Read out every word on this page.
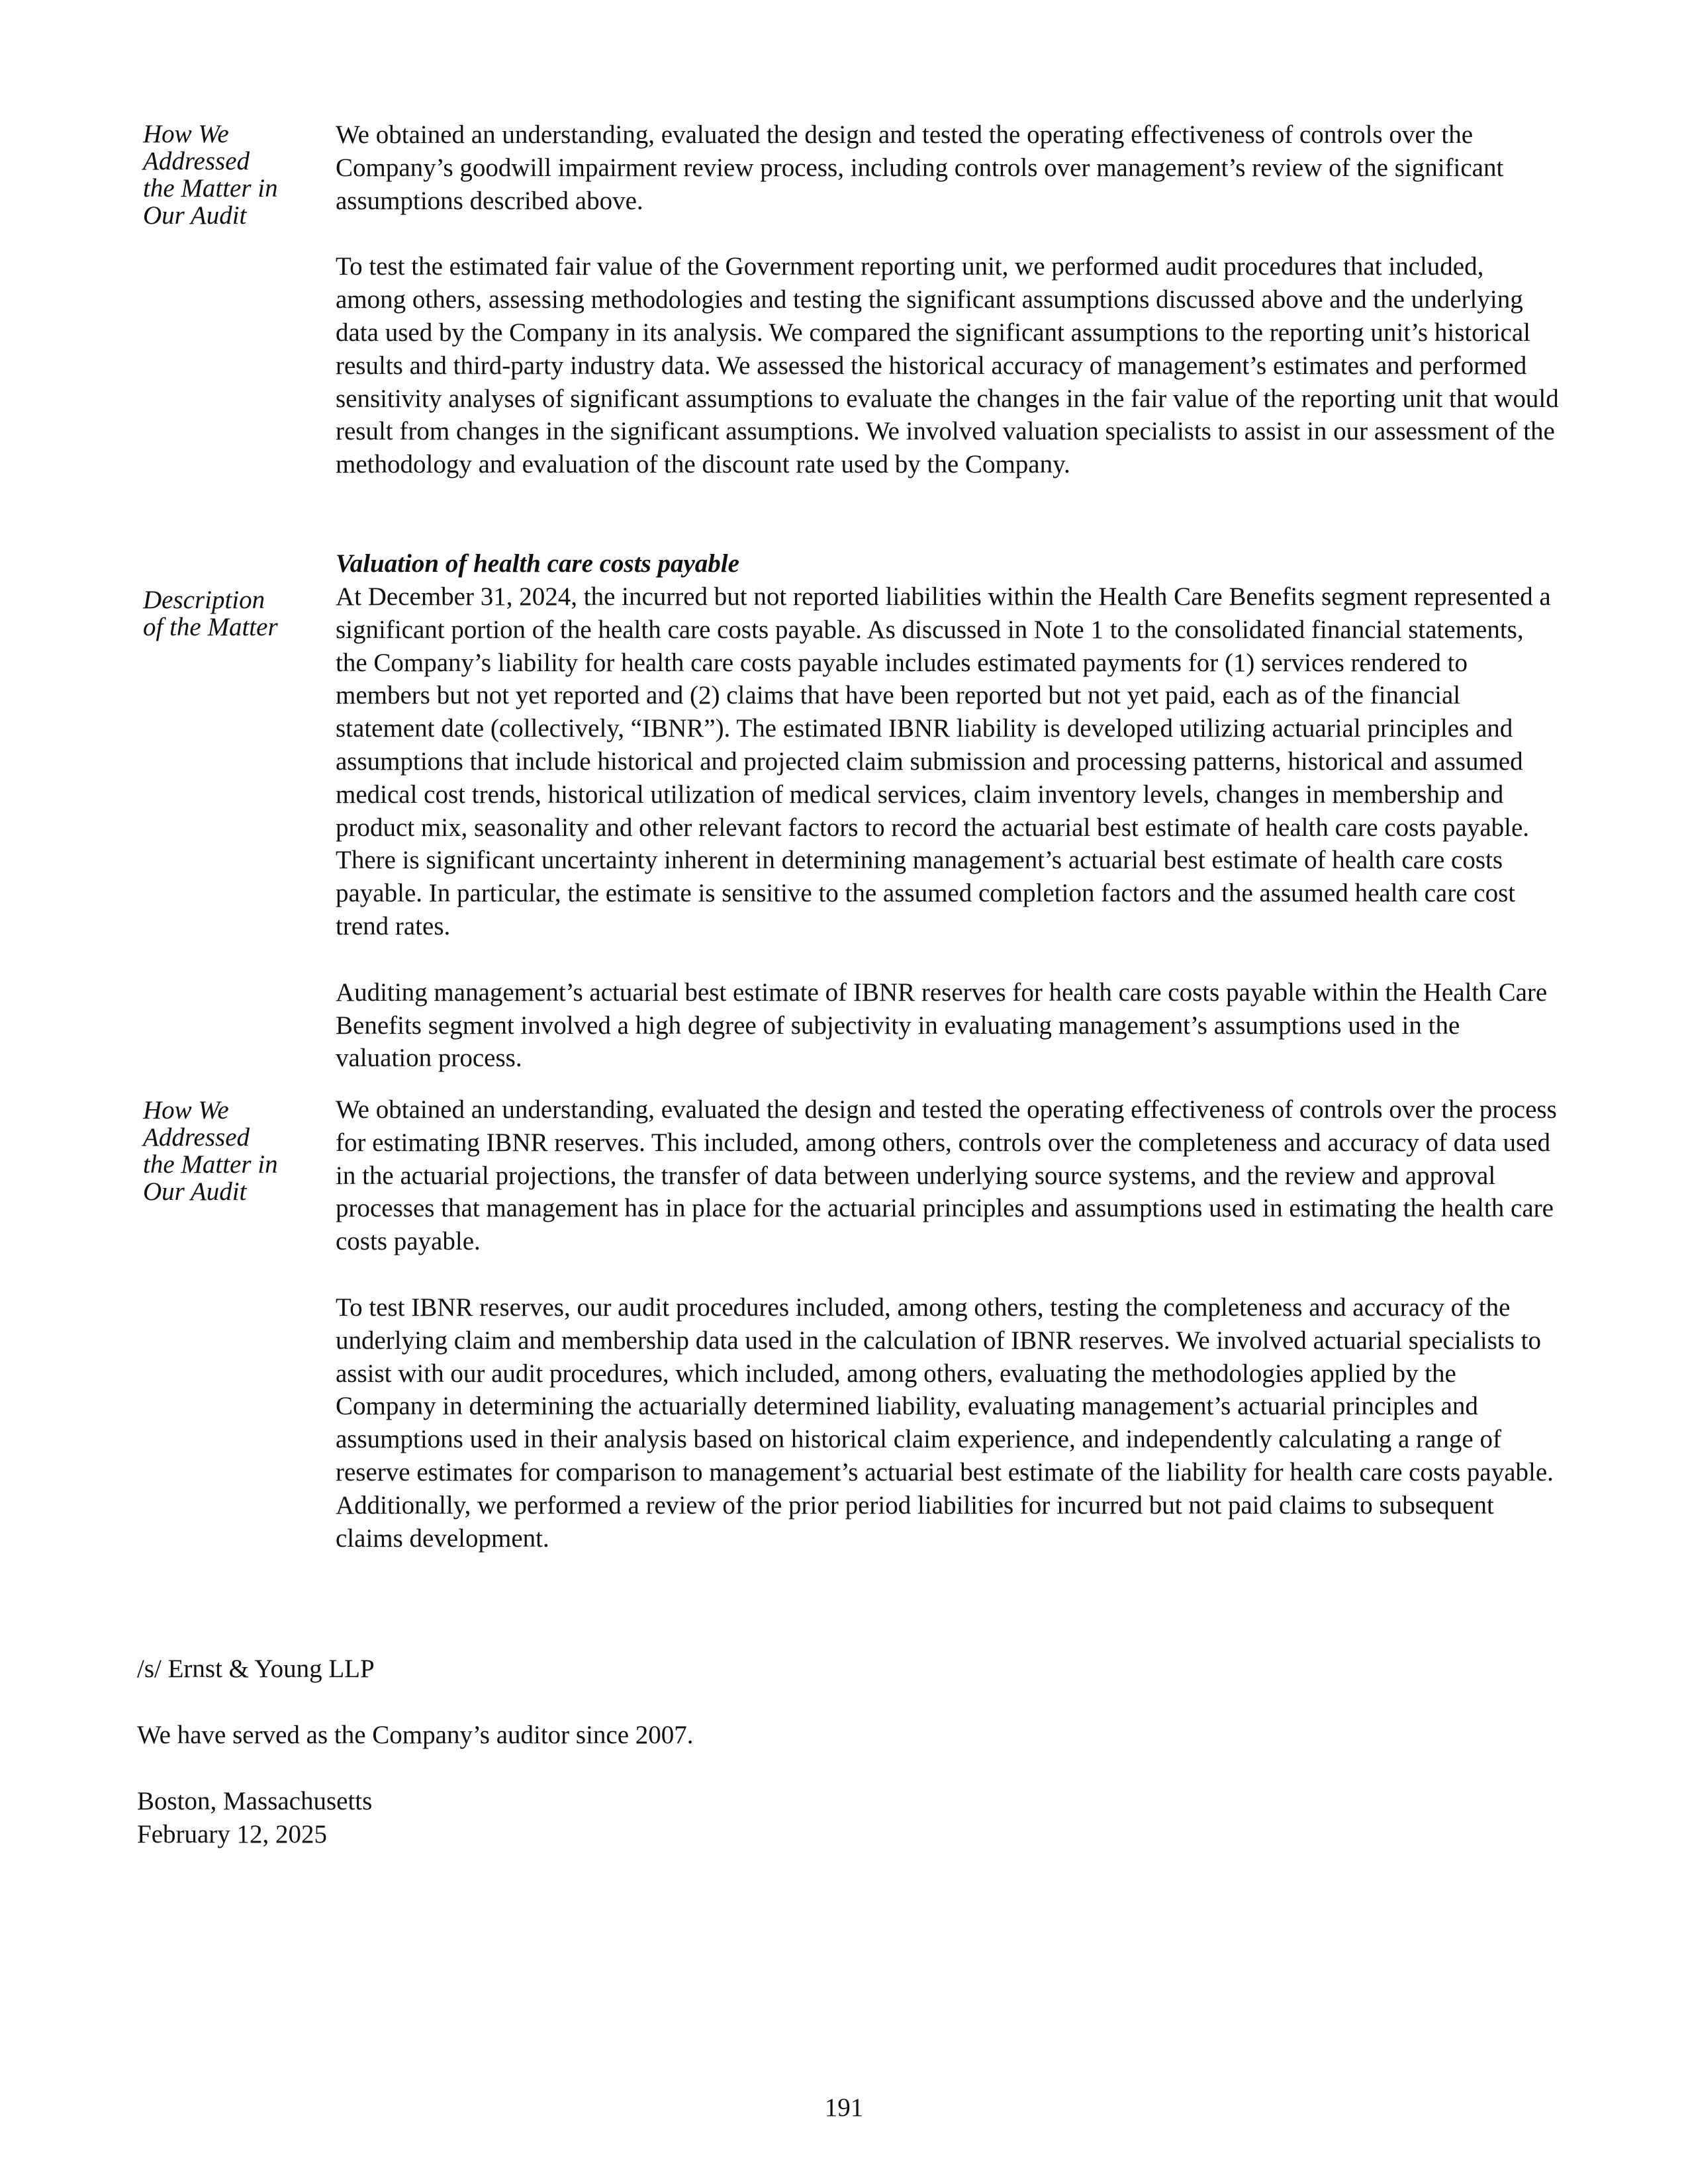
How We
Addressed
the Matter in
Our Audit

We obtained an understanding, evaluated the design and tested the operating effectiveness of controls over the Company’s goodwill impairment review process, including controls over management’s review of the significant assumptions described above.

To test the estimated fair value of the Government reporting unit, we performed audit procedures that included, among others, assessing methodologies and testing the significant assumptions discussed above and the underlying data used by the Company in its analysis. We compared the significant assumptions to the reporting unit’s historical results and third-party industry data. We assessed the historical accuracy of management’s estimates and performed sensitivity analyses of significant assumptions to evaluate the changes in the fair value of the reporting unit that would result from changes in the significant assumptions. We involved valuation specialists to assist in our assessment of the methodology and evaluation of the discount rate used by the Company.

Valuation of health care costs payable
Description
of the Matter

At December 31, 2024, the incurred but not reported liabilities within the Health Care Benefits segment represented a significant portion of the health care costs payable. As discussed in Note 1 to the consolidated financial statements, the Company’s liability for health care costs payable includes estimated payments for (1) services rendered to members but not yet reported and (2) claims that have been reported but not yet paid, each as of the financial statement date (collectively, “IBNR”). The estimated IBNR liability is developed utilizing actuarial principles and assumptions that include historical and projected claim submission and processing patterns, historical and assumed medical cost trends, historical utilization of medical services, claim inventory levels, changes in membership and product mix, seasonality and other relevant factors to record the actuarial best estimate of health care costs payable. There is significant uncertainty inherent in determining management’s actuarial best estimate of health care costs payable. In particular, the estimate is sensitive to the assumed completion factors and the assumed health care cost trend rates.

Auditing management’s actuarial best estimate of IBNR reserves for health care costs payable within the Health Care Benefits segment involved a high degree of subjectivity in evaluating management’s assumptions used in the valuation process.

How We
Addressed
the Matter in
Our Audit

We obtained an understanding, evaluated the design and tested the operating effectiveness of controls over the process for estimating IBNR reserves. This included, among others, controls over the completeness and accuracy of data used in the actuarial projections, the transfer of data between underlying source systems, and the review and approval processes that management has in place for the actuarial principles and assumptions used in estimating the health care costs payable.

To test IBNR reserves, our audit procedures included, among others, testing the completeness and accuracy of the underlying claim and membership data used in the calculation of IBNR reserves. We involved actuarial specialists to assist with our audit procedures, which included, among others, evaluating the methodologies applied by the Company in determining the actuarially determined liability, evaluating management’s actuarial principles and assumptions used in their analysis based on historical claim experience, and independently calculating a range of reserve estimates for comparison to management’s actuarial best estimate of the liability for health care costs payable. Additionally, we performed a review of the prior period liabilities for incurred but not paid claims to subsequent claims development.

/s/ Ernst & Young LLP
We have served as the Company’s auditor since 2007.
Boston, Massachusetts
February 12, 2025
191
